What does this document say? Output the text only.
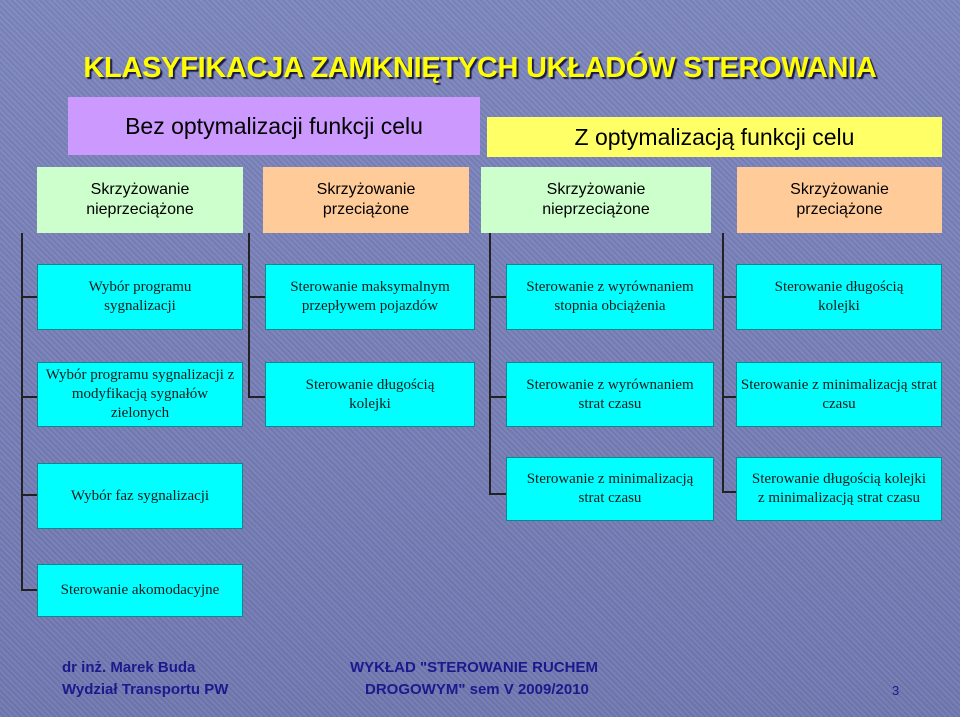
KLASYFIKACJA ZAMKNIĘTYCH UKŁADÓW STEROWANIA
Bez optymalizacji funkcji celu	Z optymalizacją funkcji celu
Skrzyżowanie nieprzeciążone
Skrzyżowanie przeciążone
Skrzyżowanie nieprzeciążone
Skrzyżowanie przeciążone
Wybór programu sygnalizacji
Wybór programu sygnalizacji z modyfikacją sygnałów zielonych
Wybór faz sygnalizacji
Sterowanie akomodacyjne
Sterowanie maksymalnym przepływem pojazdów
Sterowanie długością kolejki
Sterowanie z wyrównaniem stopnia obciążenia
Sterowanie z wyrównaniem strat czasu
Sterowanie z minimalizacją strat czasu
Sterowanie długością kolejki
Sterowanie z minimalizacją strat czasu
Sterowanie długością kolejki z minimalizacją strat czasu
dr inż. Marek Buda
Wydział Transportu PW
WYKŁAD "STEROWANIE RUCHEM
DROGOWYM" sem V 2009/2010	3
